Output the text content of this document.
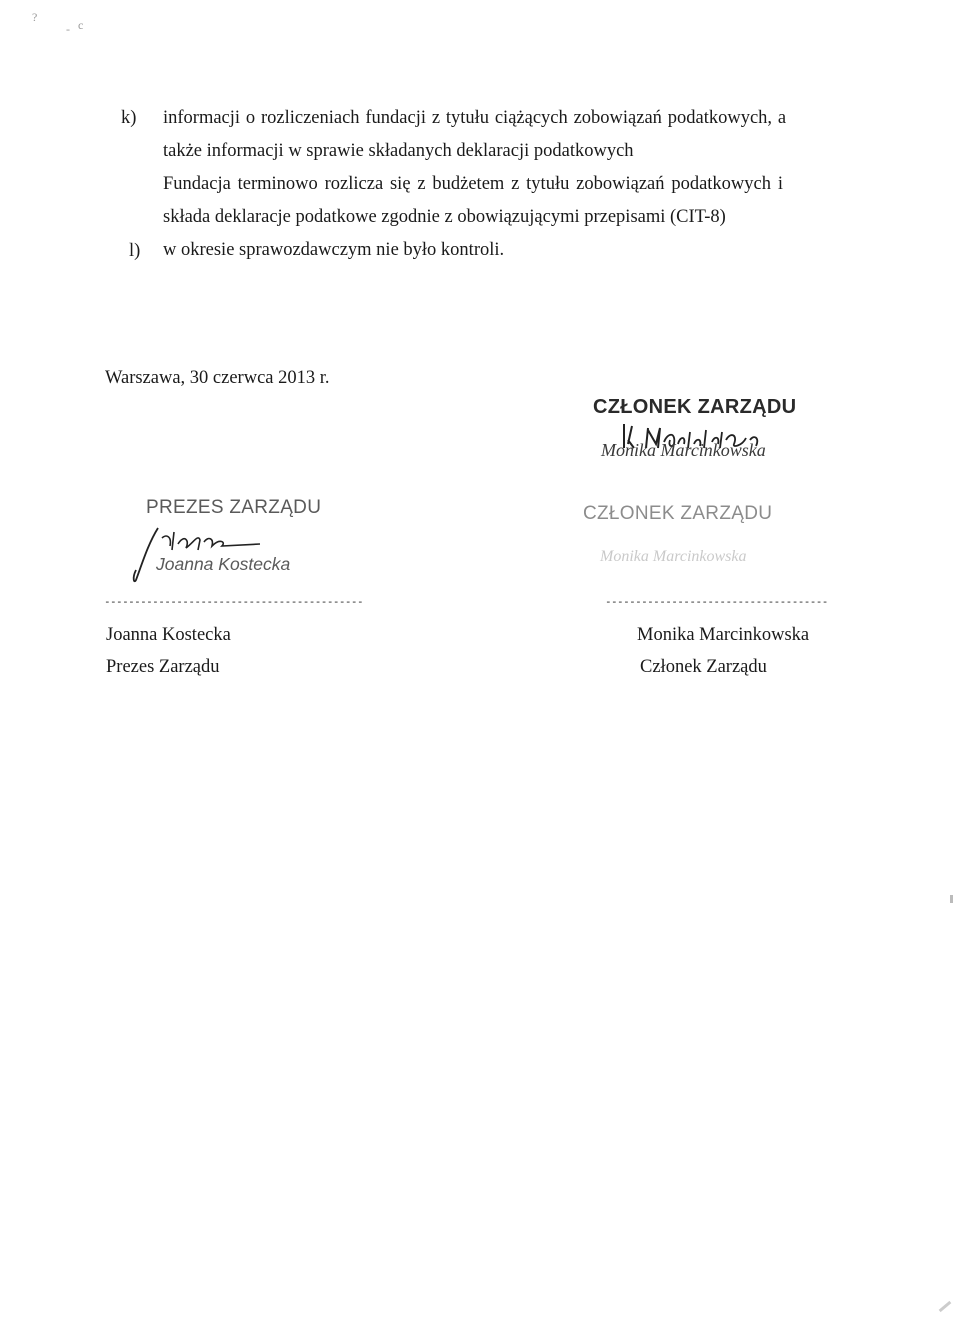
?
- c
k) informacji o rozliczeniach fundacji z tytułu ciążących zobowiązań podatkowych, a
także informacji w sprawie składanych deklaracji podatkowych
Fundacja terminowo rozlicza się z budżetem z tytułu zobowiązań podatkowych i
składa deklaracje podatkowe zgodnie z obowiązującymi przepisami (CIT-8)
l) w okresie sprawozdawczym nie było kontroli.
Warszawa, 30 czerwca 2013 r.
CZŁONEK ZARZĄDU
Monika Marcinkowska
PREZES ZARZĄDU
Joanna Kostecka
CZŁONEK ZARZĄDU
Monika Marcinkowska
-------------------------------------------	-------------------------------------
Joanna Kostecka
Prezes Zarządu
Monika Marcinkowska
Członek Zarządu
